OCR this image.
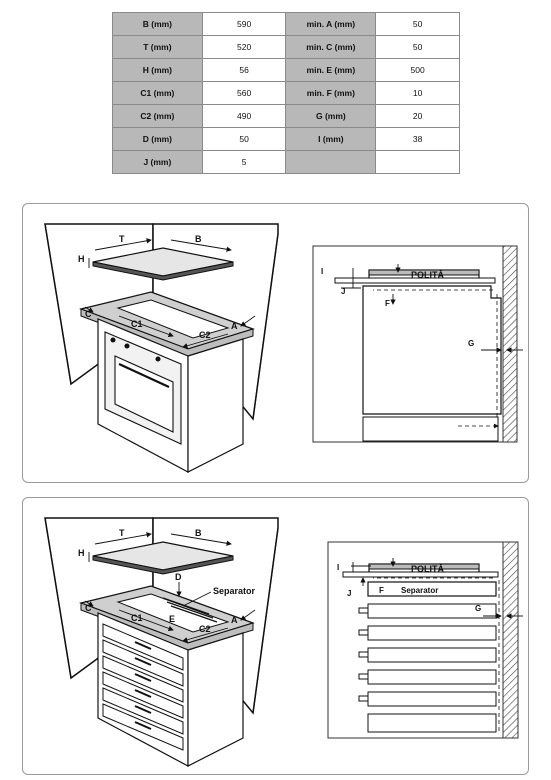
B (mm)	590	min. A (mm)	50
T (mm)	520	min. C (mm)	50
H (mm)	56	min. E (mm)	500
C1 (mm)	560	min. F (mm)	10
C2 (mm)	490	G (mm)	20
D (mm)	50	I (mm)	38
J (mm)	5		
T	B
H
C
C1
C2
A
POLITĂ
I
J
F
G
T	B
H
C
C1
C2
A
D
E
Separator
POLITĂ
I
J	F Separator
G
